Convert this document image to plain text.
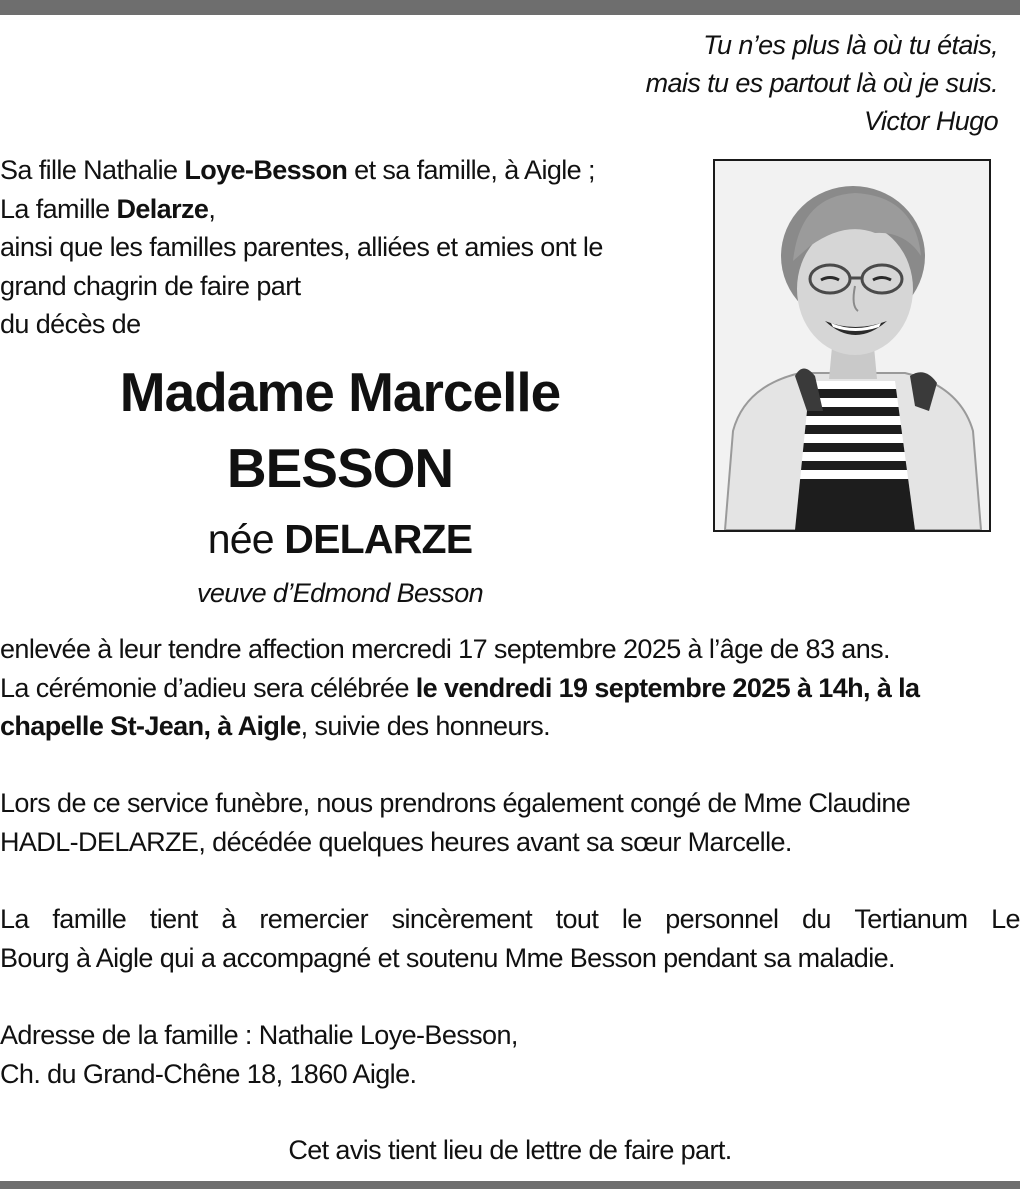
Tu n’es plus là où tu étais,
mais tu es partout là où je suis.
Victor Hugo
Sa fille Nathalie Loye-Besson et sa famille, à Aigle ;
La famille Delarze,
ainsi que les familles parentes, alliées et amies ont le
grand chagrin de faire part
du décès de
Madame Marcelle
BESSON
née DELARZE
veuve d’Edmond Besson
enlevée à leur tendre affection mercredi 17 septembre 2025 à l’âge de 83 ans.
La cérémonie d’adieu sera célébrée le vendredi 19 septembre 2025 à 14h, à la
chapelle St-Jean, à Aigle, suivie des honneurs.
Lors de ce service funèbre, nous prendrons également congé de Mme Claudine
HADL-DELARZE, décédée quelques heures avant sa sœur Marcelle.
La famille tient à remercier sincèrement tout le personnel du Tertianum Le
Bourg à Aigle qui a accompagné et soutenu Mme Besson pendant sa maladie.
Adresse de la famille : Nathalie Loye-Besson,
Ch. du Grand-Chêne 18, 1860 Aigle.
Cet avis tient lieu de lettre de faire part.
